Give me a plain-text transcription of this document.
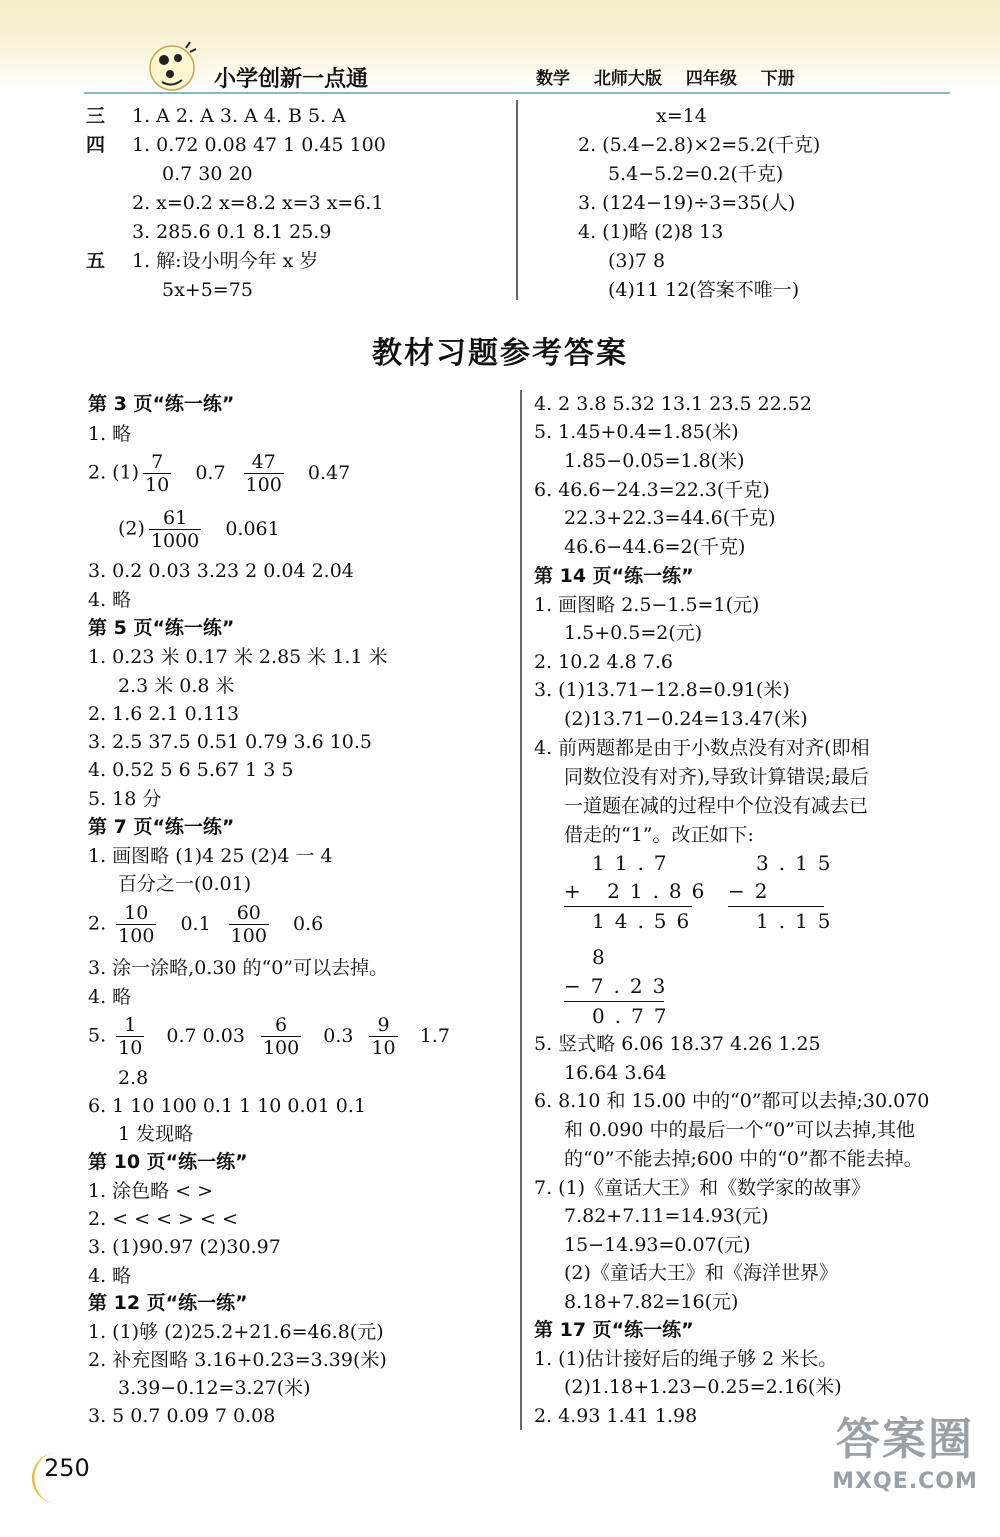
小学创新一点通	数学 北师大版 四年级 下册
三 1. A 2. A 3. A 4. B 5. A
四 1. 0.72 0.08 47 1 0.45 100
0.7 30 20
2. x=0.2 x=8.2 x=3 x=6.1
3. 285.6 0.1 8.1 25.9
五 1. 解:设小明今年 x 岁
5x+5=75
x=14
2. (5.4−2.8)×2=5.2(千克)
5.4−5.2=0.2(千克)
3. (124−19)÷3=35(人)
4. (1)略 (2)8 13
(3)7 8
(4)11 12(答案不唯一)
教材习题参考答案
第 3 页“练一练”
1. 略
2. $(1) \frac{7}{10} 0.7 \frac{47}{100} 0.47$
$(2) \frac{61}{1000} 0.061$
3. 0.2 0.03 3.23 2 0.04 2.04
4. 略
第 5 页“练一练”
1. 0.23 米 0.17 米 2.85 米 1.1 米
2.3 米 0.8 米
2. 1.6 2.1 0.113
3. 2.5 37.5 0.51 0.79 3.6 10.5
4. 0.52 5 6 5.67 1 3 5
5. 18 分
第 7 页“练一练”
1. 画图略 (1)4 25 (2)4 一 4
百分之一(0.01)
2. $\frac{10}{100} 0.1 \frac{60}{100} 0.6$
3. 涂一涂略,0.30 的“0”可以去掉。
4. 略
5. $\frac{1}{10} 0.7$ $0.03 \frac{6}{100} 0.3 \frac{9}{10} 1.7$
2.8
6. 1 10 100 0.1 1 10 0.01 0.1
1 发现略
第 10 页“练一练”
1. 涂色略 < >
2. < < < > < <
3. (1)90.97 (2)30.97
4. 略
第 12 页“练一练”
1. (1)够 (2)25.2+21.6=46.8(元)
2. 补充图略 3.16+0.23=3.39(米)
3.39−0.12=3.27(米)
3. 5 0.7 0.09 7 0.08
4. 2 3.8 5.32 13.1 23.5 22.52
5. 1.45+0.4=1.85(米)
1.85−0.05=1.8(米)
6. 46.6−24.3=22.3(千克)
22.3+22.3=44.6(千克)
46.6−44.6=2(千克)
第 14 页“练一练”
1. 画图略 2.5−1.5=1(元)
1.5+0.5=2(元)
2. 10.2 4.8 7.6
3. (1)13.71−12.8=0.91(米)
(2)13.71−0.24=13.47(米)
4. 前两题都是由于小数点没有对齐(即相
同数位没有对齐),导致计算错误;最后
一道题在减的过程中个位没有减去已
借走的“1”。改正如下:
11.7
+ 21.86
14.56
3.15
−2
1.15
8
−7.23
0.77
5. 竖式略 6.06 18.37 4.26 1.25
16.64 3.64
6. 8.10 和 15.00 中的“0”都可以去掉;30.070
和 0.090 中的最后一个“0”可以去掉,其他
的“0”不能去掉;600 中的“0”都不能去掉。
7. (1)《童话大王》和《数学家的故事》
7.82+7.11=14.93(元)
15−14.93=0.07(元)
(2)《童话大王》和《海洋世界》
8.18+7.82=16(元)
第 17 页“练一练”
1. (1)估计接好后的绳子够 2 米长。
(2)1.18+1.23−0.25=2.16(米)
2. 4.93 1.41 1.98
250
答案圈
MXQE.COM
